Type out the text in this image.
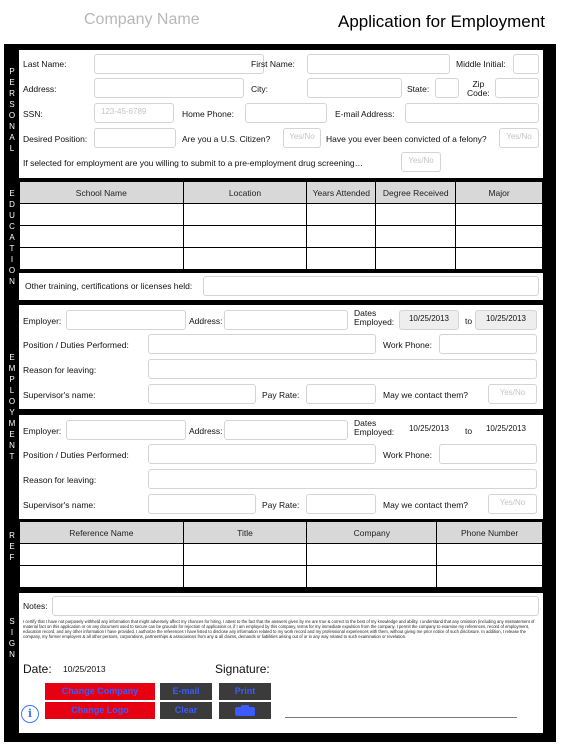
Company Name	Application for Employment
P
E
R
S
O
N
A
L
E
D
U
C
A
T
I
O
N
E
M
P
L
O
Y
M
E
N
T
R
E
F
S
I
G
N
Last Name:	First Name:	Middle Initial:
Address:	City:	State:	Zip
Code:
SSN:	123-45-6789	Home Phone:	E-mail Address:
Desired Position:	Are you a U.S. Citizen?	Yes/No	Have you ever been convicted of a felony?	Yes/No
If selected for employment are you willing to submit to a pre-employment drug screening…	Yes/No
School Name	Location	Years Attended	Degree Received	Major

Other training, certifications or licenses held:
Employer:	Address:
Dates
Employed:	10/25/2013	to	10/25/2013
Position / Duties Performed:	Work Phone:
Reason for leaving:
Supervisor's name:	Pay Rate:	May we contact them?	Yes/No
Employer:	Address:
Dates
Employed:	10/25/2013	to	10/25/2013
Position / Duties Performed:	Work Phone:
Reason for leaving:
Supervisor's name:	Pay Rate:	May we contact them?	Yes/No
Reference Name	Title	Company	Phone Number

Notes:
I certify that I have not purposely withheld any information that might adversely affect my chances for hiring. I attest to the fact that the answers given by me are true & correct to the best of my knowledge and ability. I understand that any omission (including any misstatement of material fact on this application or on any document used to secure can be grounds for rejection of application or, if I am employed by this company, terms for my immediate expulsion from the company. I permit the company to examine my references, record of employment, education record, and any other information I have provided. I authorize the references I have listed to disclose any information related to my work record and my professional experiences with them, without giving me prior notice of such disclosure. In addition, I release the company, my former employers & all other persons, corporations, partnerships & associations from any & all claims, demands or liabilities arising out of or in any way related to such examination or revelation.
Date: 10/25/2013	Signature:
Change Company
Change Logo
E-mail
Clear
Print
i
